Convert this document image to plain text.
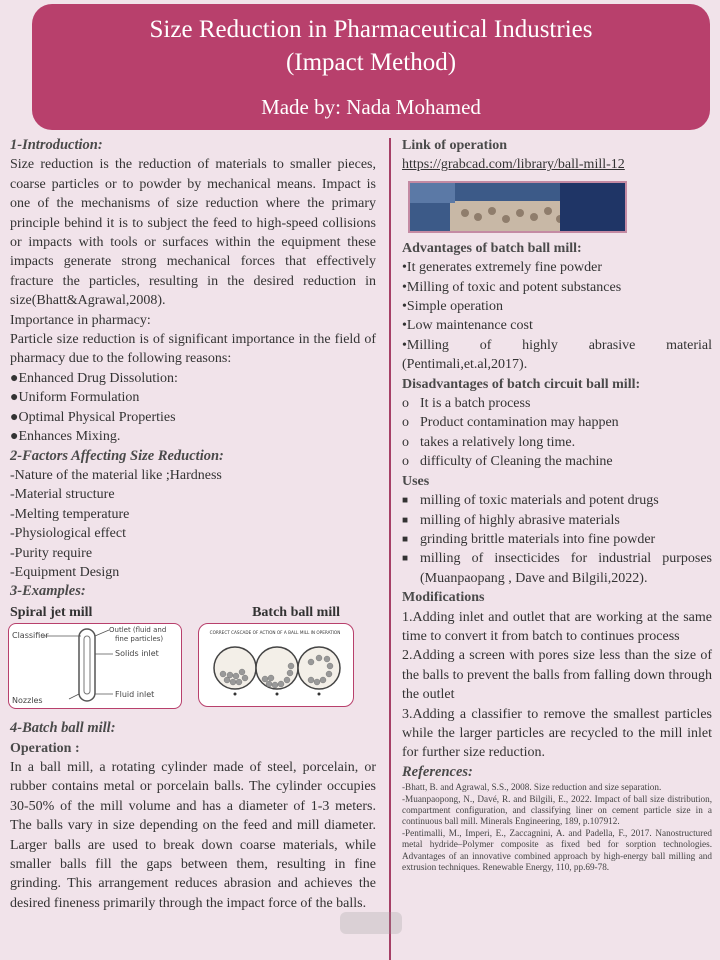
Size Reduction in Pharmaceutical Industries
(Impact Method)
Made by: Nada Mohamed
1-Introduction:

Size reduction is the reduction of materials to smaller pieces, coarse particles or to powder by mechanical means. Impact is one of the mechanisms of size reduction where the primary principle behind it is to subject the feed to high-speed collisions or impacts with tools or surfaces within the equipment these impacts generate strong mechanical forces that effectively fracture the particles, resulting in the desired reduction in size(Bhatt&Agrawal,2008).

Importance in pharmacy:

Particle size reduction is of significant importance in the field of pharmacy due to the following reasons:

●Enhanced Drug Dissolution:

●Uniform Formulation

●Optimal Physical Properties

●Enhances Mixing.

2-Factors Affecting Size Reduction:

-Nature of the material like ;Hardness

-Material structure

-Melting temperature

-Physiological effect

-Purity require

-Equipment Design

3-Examples:
Spiral jet mill	Batch ball mill
Classifier
Outlet (fluid and
fine particles)
Solids inlet
Nozzles
Fluid inlet
CORRECT CASCADE OF ACTION OF A BALL MILL IN OPERATION
4-Batch ball mill:
Operation :

In a ball mill, a rotating cylinder made of steel, porcelain, or rubber contains metal or porcelain balls. The cylinder occupies 30-50% of the mill volume and has a diameter of 1-3 meters. The balls vary in size depending on the feed and mill diameter. Larger balls are used to break down coarse materials, while smaller balls fill the gaps between them, resulting in fine grinding. This arrangement reduces abrasion and achieves the desired fineness primarily through the impact force of the balls.

Link of operation
https://grabcad.com/library/ball-mill-12
Advantages of batch ball mill:

•It generates extremely fine powder

•Milling of toxic and potent substances

•Simple operation

•Low maintenance cost

•Milling of highly abrasive material

(Pentimali,et.al,2017).

Disadvantages of batch circuit ball mill:
o It is a batch process
o Product contamination may happen
o takes a relatively long time.
o difficulty of Cleaning the machine
Uses
■ milling of toxic materials and potent drugs
■ milling of highly abrasive materials
■ grinding brittle materials into fine powder
■ milling of insecticides for industrial purposes (Muanpaopang , Dave and Bilgili,2022).
Modifications

1.Adding inlet and outlet that are working at the same time to convert it from batch to continues process

2.Adding a screen with pores size less than the size of the balls to prevent the balls from falling down through the outlet

3.Adding a classifier to remove the smallest particles while the larger particles are recycled to the mill inlet for further size reduction.

References:

-Bhatt, B. and Agrawal, S.S., 2008. Size reduction and size separation.

-Muanpaopong, N., Davé, R. and Bilgili, E., 2022. Impact of ball size distribution, compartment configuration, and classifying liner on cement particle size in a continuous ball mill. Minerals Engineering, 189, p.107912.

-Pentimalli, M., Imperi, E., Zaccagnini, A. and Padella, F., 2017. Nanostructured metal hydride–Polymer composite as fixed bed for sorption technologies. Advantages of an innovative combined approach by high-energy ball milling and extrusion techniques. Renewable Energy, 110, pp.69-78.
